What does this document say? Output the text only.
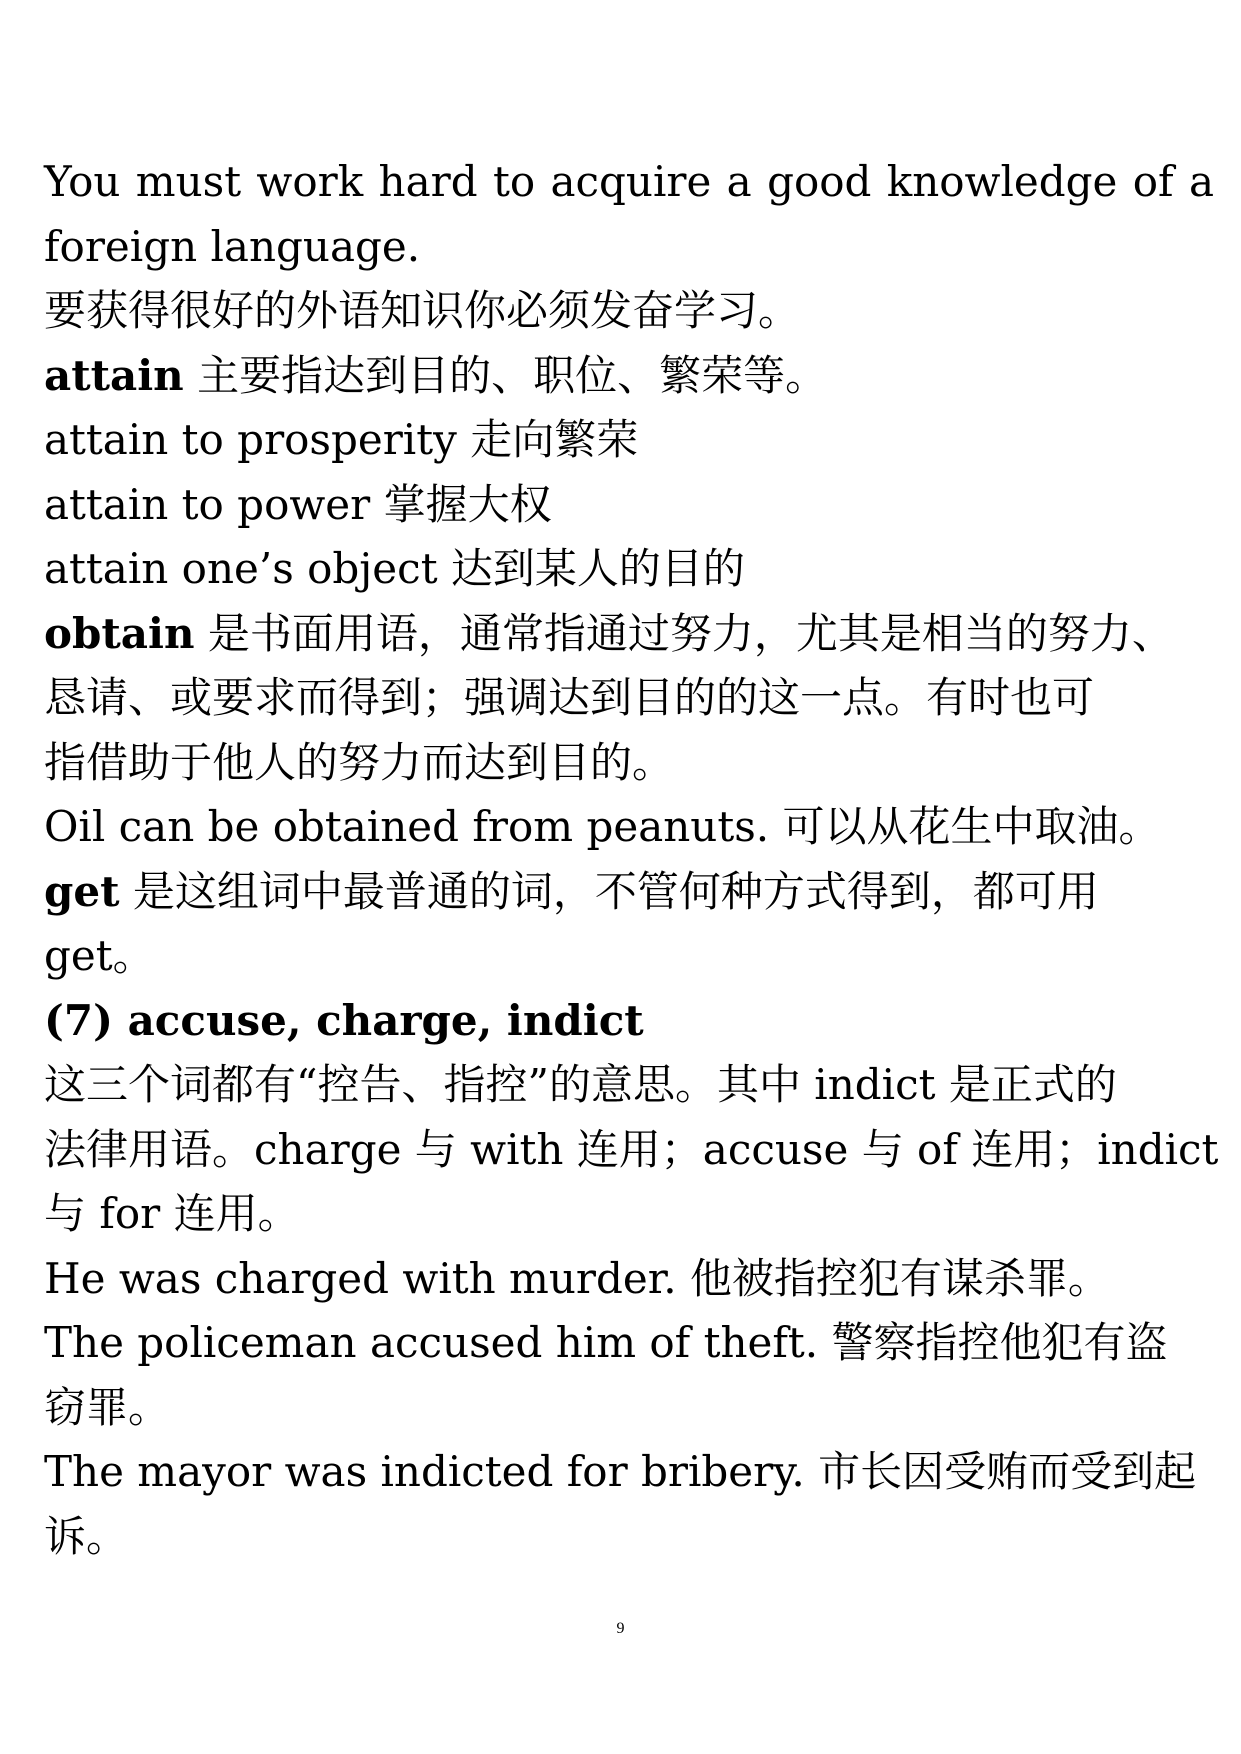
You must work hard to acquire a good knowledge of a
foreign language.
要获得很好的外语知识你必须发奋学习。
attain 主要指达到目的、职位、繁荣等。
attain to prosperity 走向繁荣
attain to power 掌握大权
attain one’s object 达到某人的目的
obtain 是书面用语，通常指通过努力，尤其是相当的努力、
恳请、或要求而得到；强调达到目的的这一点。有时也可
指借助于他人的努力而达到目的。
Oil can be obtained from peanuts. 可以从花生中取油。
get 是这组词中最普通的词，不管何种方式得到，都可用
get。
(7) accuse, charge, indict
这三个词都有“控告、指控”的意思。其中 indict 是正式的
法律用语。charge 与 with 连用；accuse 与 of 连用；indict
与 for 连用。
He was charged with murder. 他被指控犯有谋杀罪。
The policeman accused him of theft. 警察指控他犯有盗
窃罪。
The mayor was indicted for bribery. 市长因受贿而受到起
诉。
9
